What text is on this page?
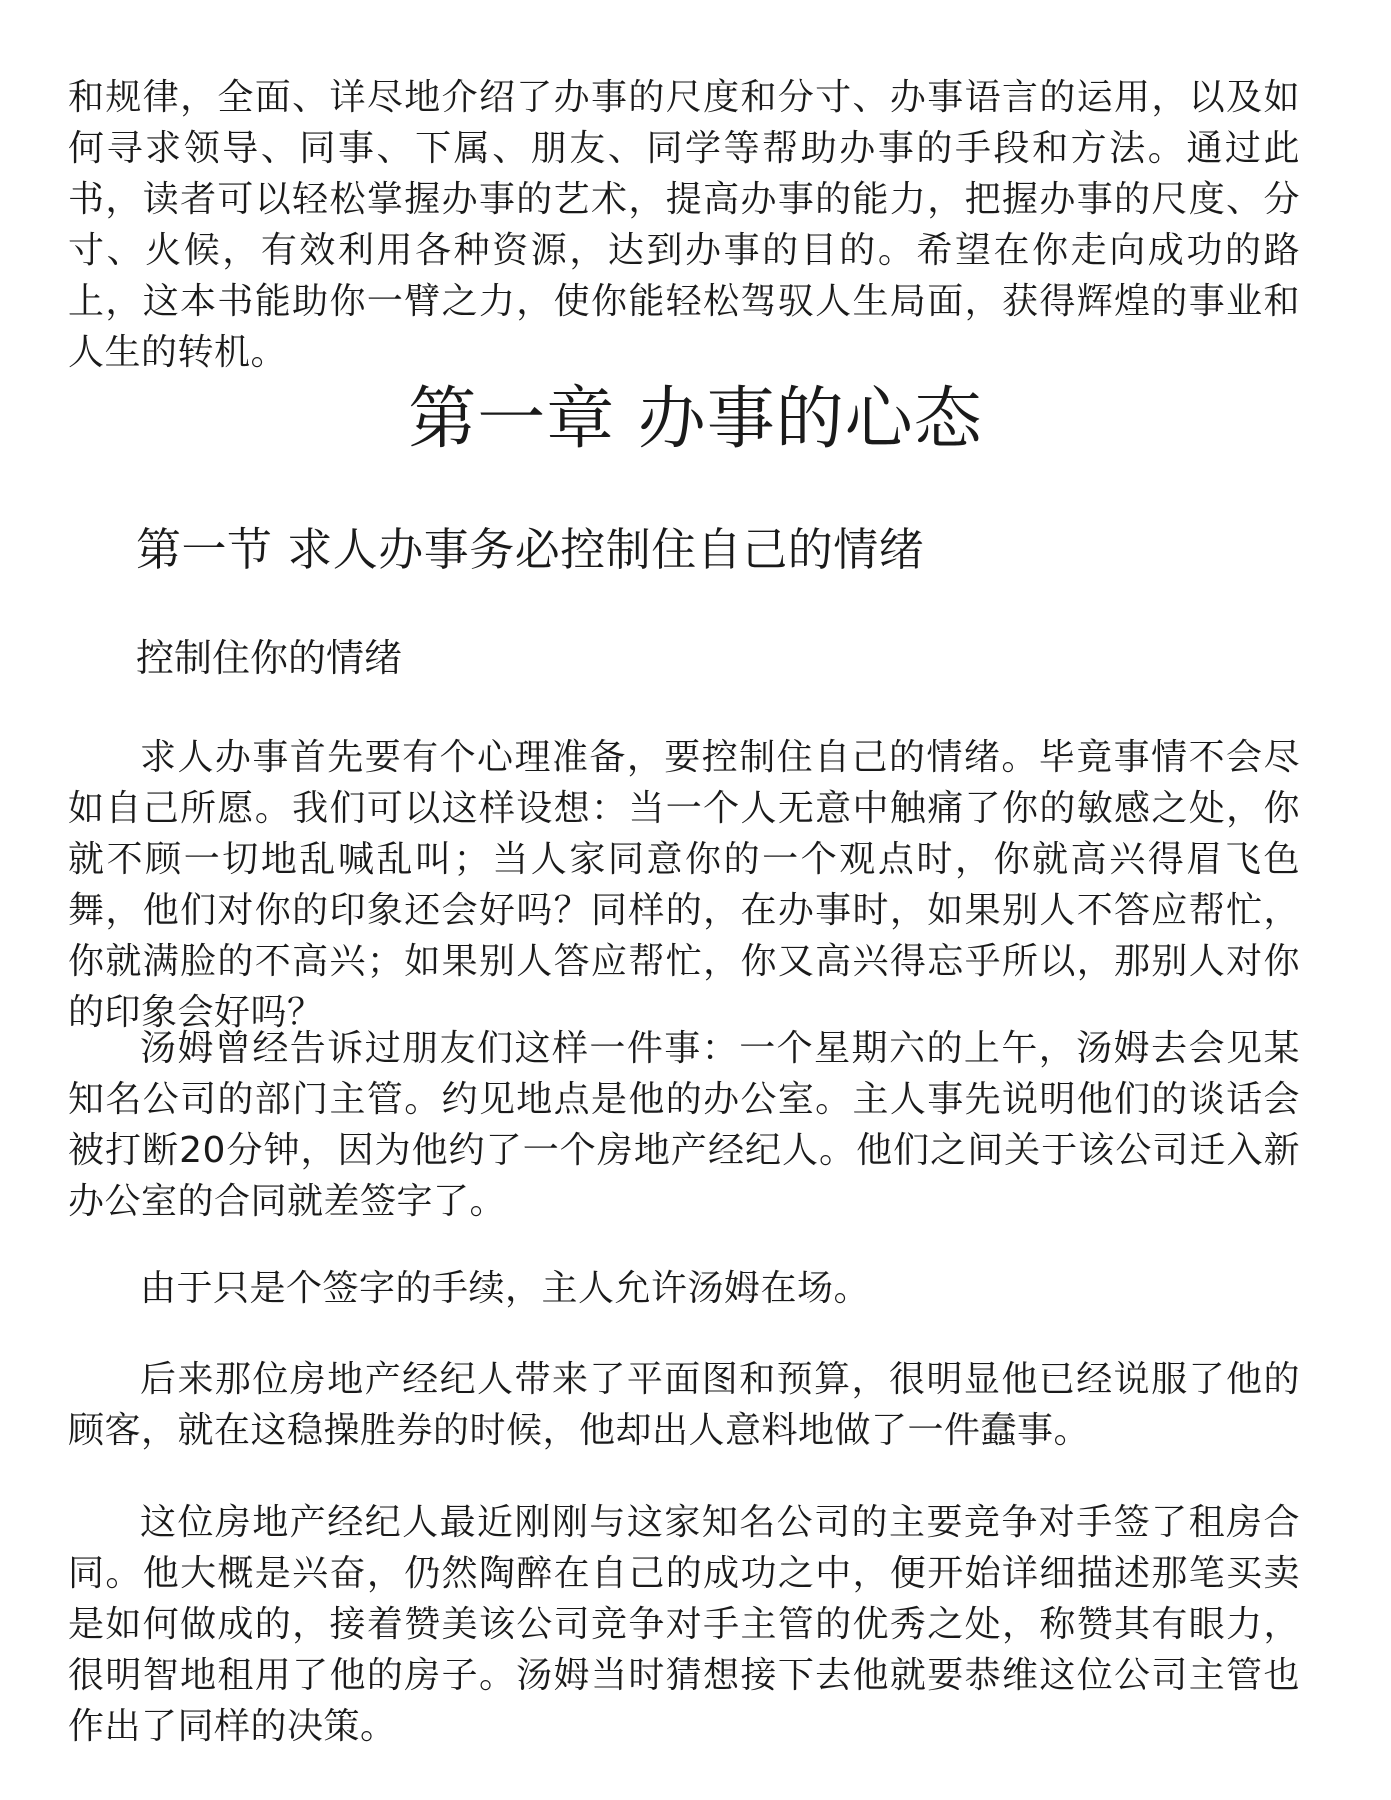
和规律，全面、详尽地介绍了办事的尺度和分寸、办事语言的运用，以及如何寻求领导、同事、下属、朋友、同学等帮助办事的手段和方法。通过此书，读者可以轻松掌握办事的艺术，提高办事的能力，把握办事的尺度、分寸、火候，有效利用各种资源，达到办事的目的。希望在你走向成功的路上，这本书能助你一臂之力，使你能轻松驾驭人生局面，获得辉煌的事业和人生的转机。

第一章 办事的心态
第一节 求人办事务必控制住自己的情绪
控制住你的情绪

求人办事首先要有个心理准备，要控制住自己的情绪。毕竟事情不会尽如自己所愿。我们可以这样设想：当一个人无意中触痛了你的敏感之处，你就不顾一切地乱喊乱叫；当人家同意你的一个观点时，你就高兴得眉飞色舞，他们对你的印象还会好吗？同样的，在办事时，如果别人不答应帮忙，你就满脸的不高兴；如果别人答应帮忙，你又高兴得忘乎所以，那别人对你的印象会好吗？

汤姆曾经告诉过朋友们这样一件事：一个星期六的上午，汤姆去会见某知名公司的部门主管。约见地点是他的办公室。主人事先说明他们的谈话会被打断20分钟，因为他约了一个房地产经纪人。他们之间关于该公司迁入新办公室的合同就差签字了。

由于只是个签字的手续，主人允许汤姆在场。

后来那位房地产经纪人带来了平面图和预算，很明显他已经说服了他的顾客，就在这稳操胜券的时候，他却出人意料地做了一件蠢事。

这位房地产经纪人最近刚刚与这家知名公司的主要竞争对手签了租房合同。他大概是兴奋，仍然陶醉在自己的成功之中，便开始详细描述那笔买卖是如何做成的，接着赞美该公司竞争对手主管的优秀之处，称赞其有眼力，很明智地租用了他的房子。汤姆当时猜想接下去他就要恭维这位公司主管也作出了同样的决策。
